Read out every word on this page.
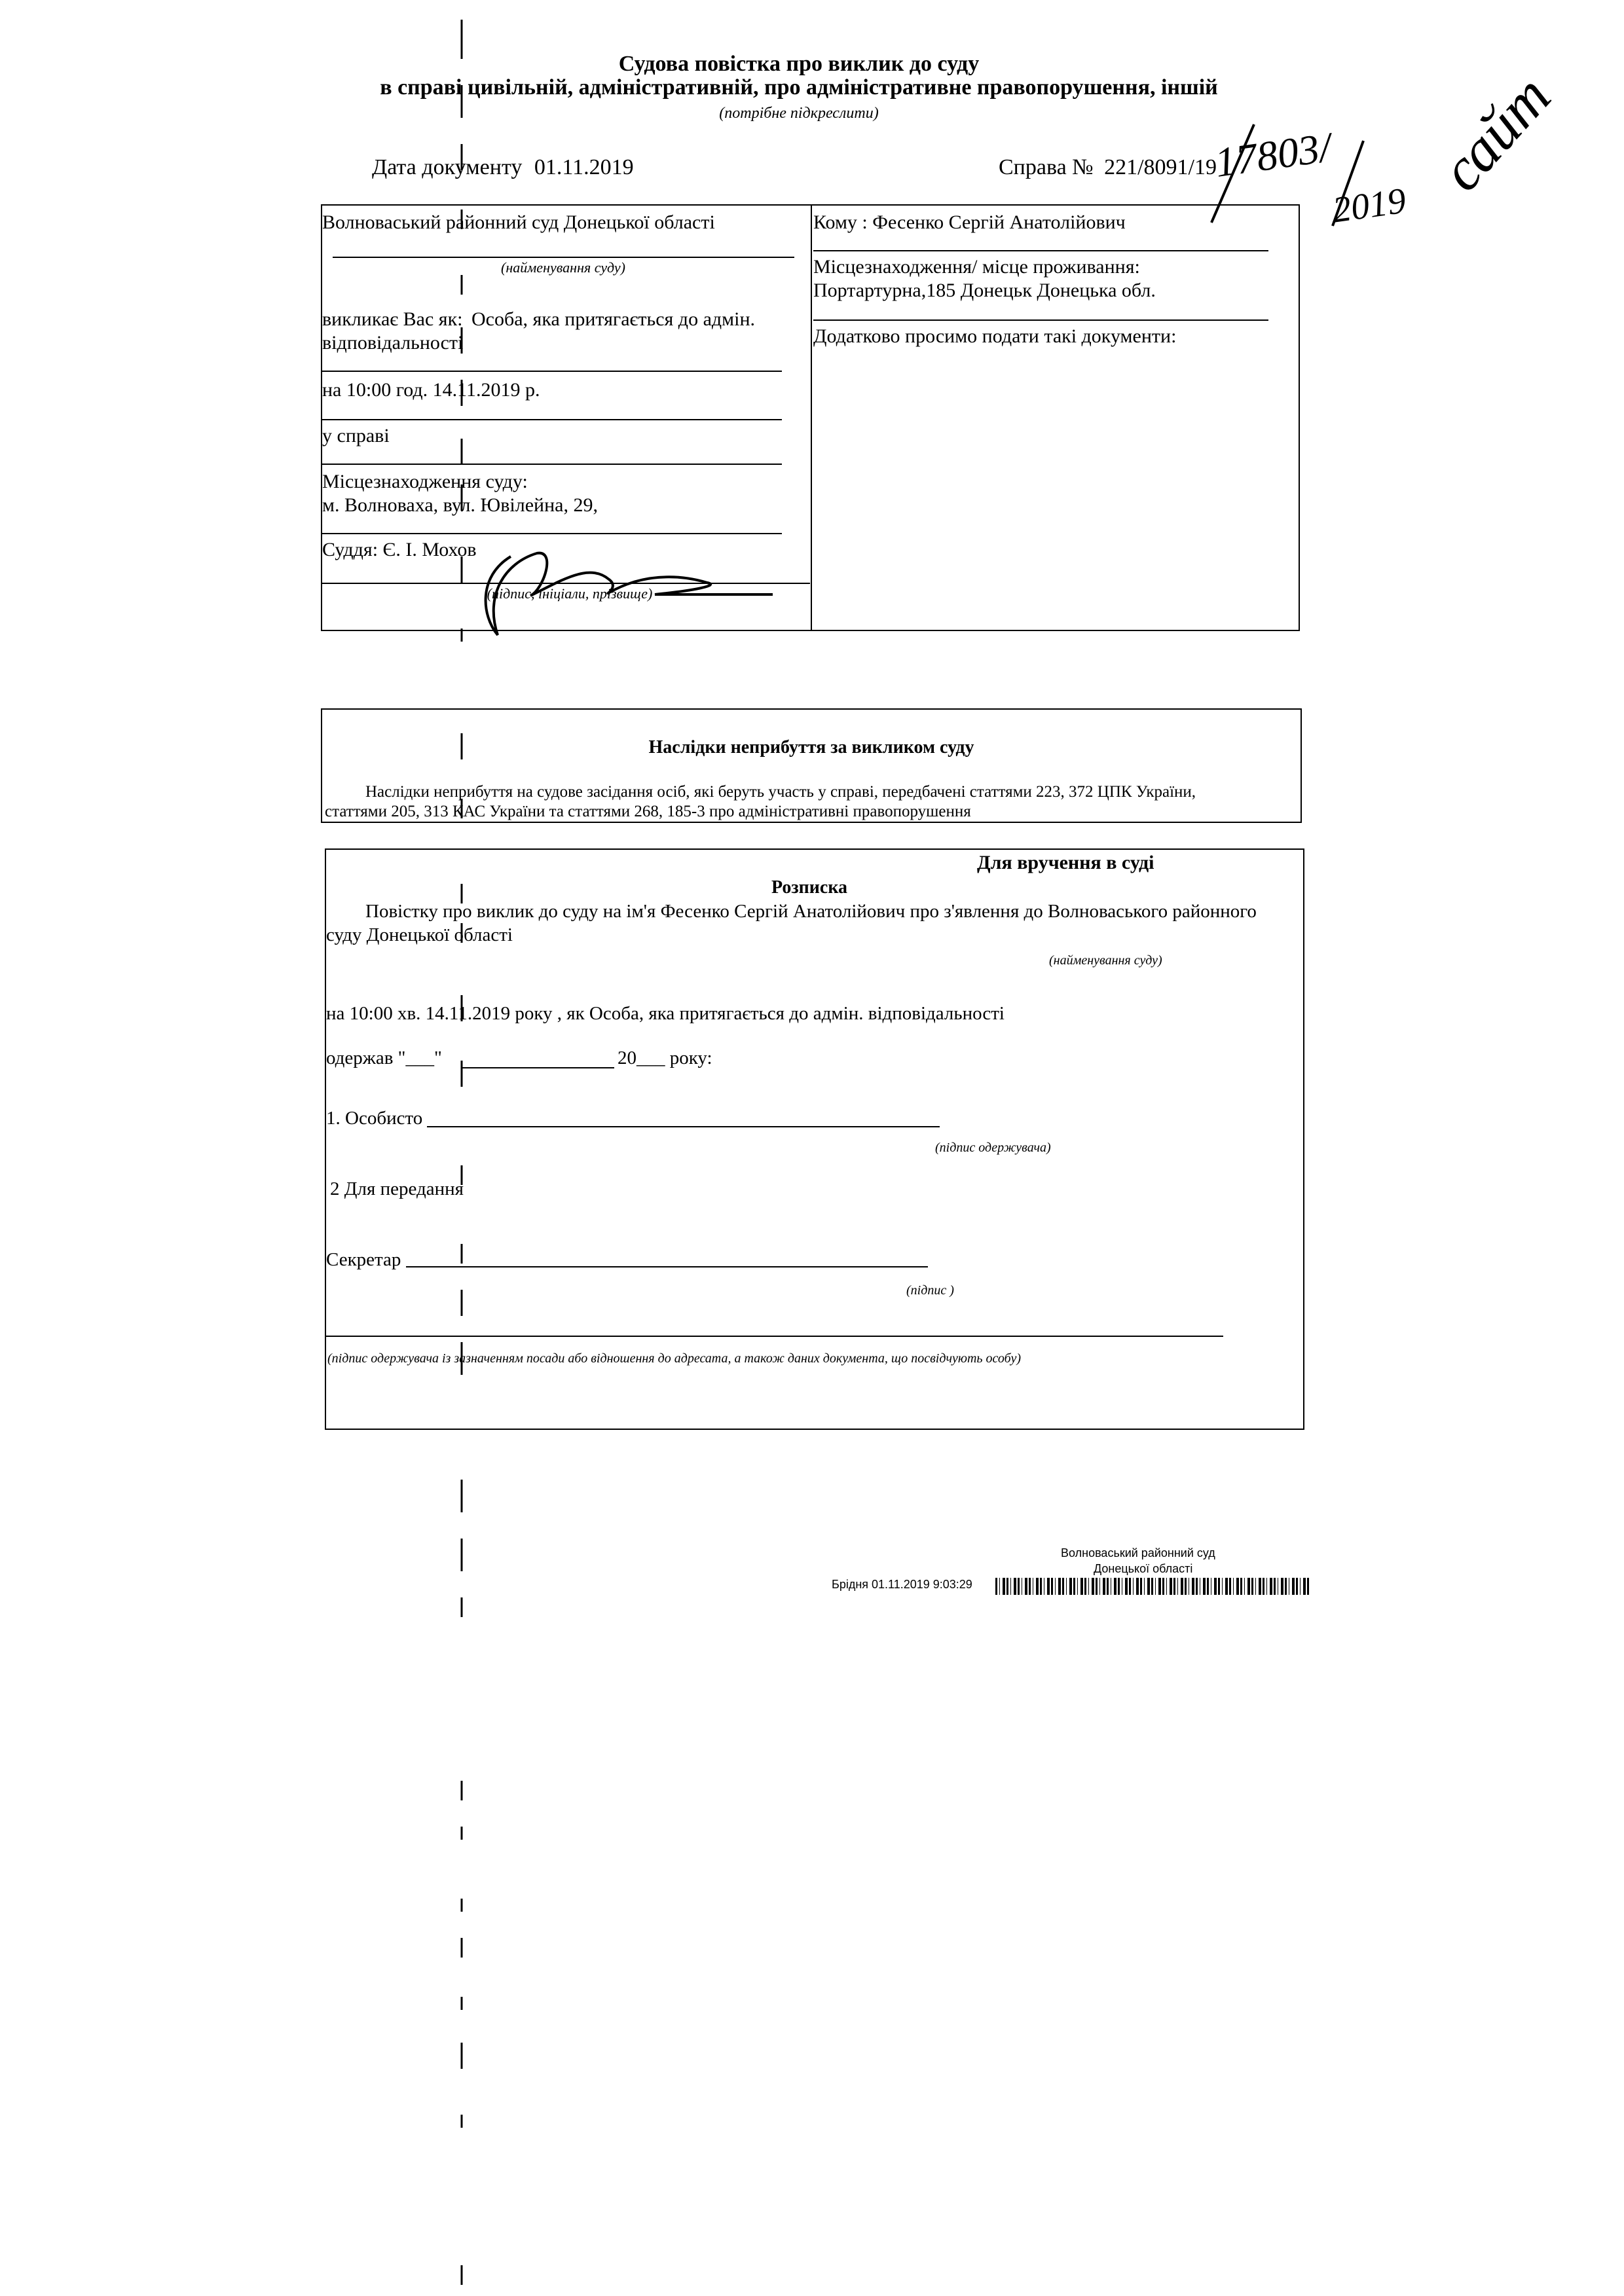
Судова повістка про виклик до суду
в справі цивільній, адміністративній, про адміністративне правопорушення, іншій
(потрібне підкреслити)
Дата документу 01.11.2019	Справа № 221/8091/19
17803/
2019
сайт
Волноваський районний суд Донецької області
(найменування суду)
викликає Вас як: Особа, яка притягається до адмін.
відповідальності
на 10:00 год. 14.11.2019 р.
у справі
Місцезнаходження суду:
м. Волноваха, вул. Ювілейна, 29,
Суддя: Є. І. Мохов
(підпис, ініціали, прізвище)
Кому : Фесенко Сергій Анатолійович
Місцезнаходження/ місце проживання:
Портартурна,185 Донецьк Донецька обл.
Додатково просимо подати такі документи:
Наслідки неприбуття за викликом суду
Наслідки неприбуття на судове засідання осіб, які беруть участь у справі, передбачені статтями 223, 372 ЦПК України,
статтями 205, 313 КАС України та статтями 268, 185-3 про адміністративні правопорушення
Для вручення в суді
Розписка
Повістку про виклик до суду на ім'я Фесенко Сергій Анатолійович про з'явлення до Волноваського районного
суду Донецької області
(найменування суду)
на 10:00 хв. 14.11.2019 року , як Особа, яка притягається до адмін. відповідальності
одержав "___"	20___ року:
1. Особисто
(підпис одержувача)
2 Для передання
Секретар
(підпис )
(підпис одержувача із зазначенням посади або відношення до адресата, а також даних документа, що посвідчують особу)
Волноваський районний суд
Донецької області
Брідня 01.11.2019 9:03:29
